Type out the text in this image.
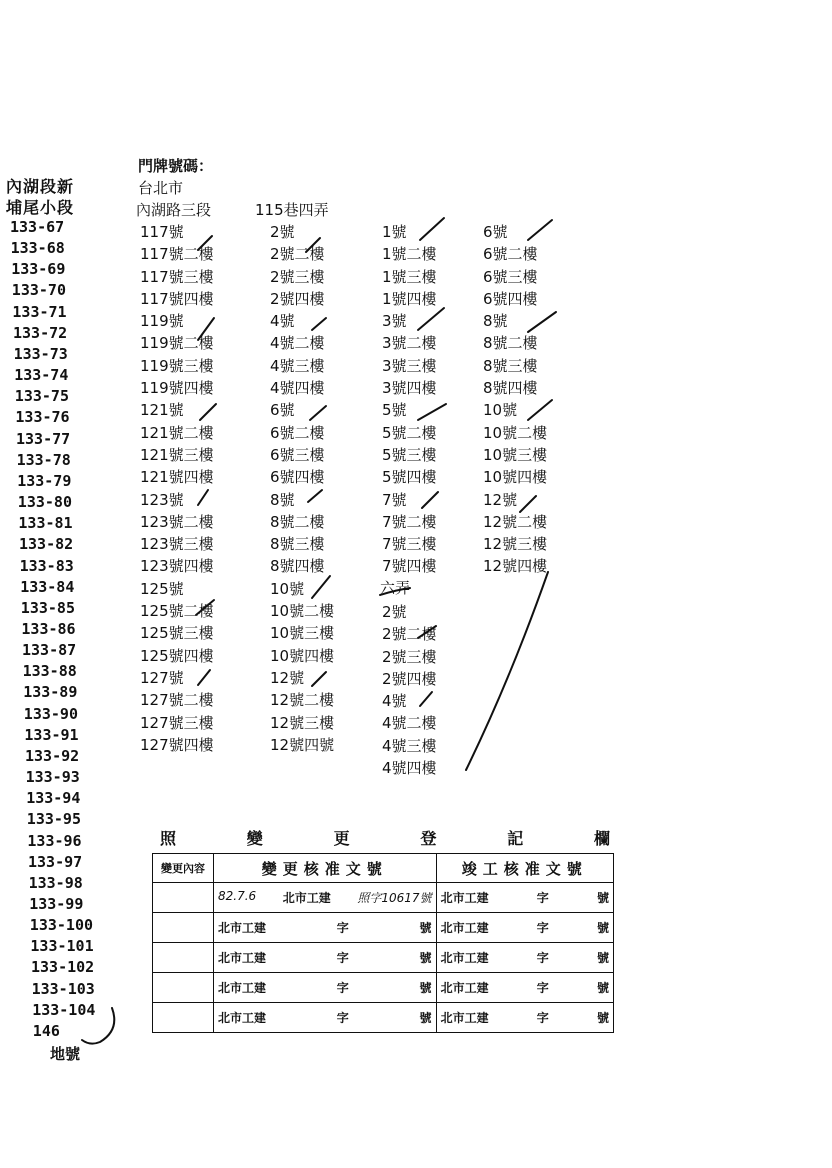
內湖段新
埔尾小段
133-67
133-68
133-69
133-70
133-71
133-72
133-73
133-74
133-75
133-76
133-77
133-78
133-79
133-80
133-81
133-82
133-83
133-84
133-85
133-86
133-87
133-88
133-89
133-90
133-91
133-92
133-93
133-94
133-95
133-96
133-97
133-98
133-99
133-100
133-101
133-102
133-103
133-104
146
地號
門牌號碼：
台北市
內湖路三段	115巷四弄
117號
117號二樓
117號三樓
117號四樓
119號
119號二樓
119號三樓
119號四樓
121號
121號二樓
121號三樓
121號四樓
123號
123號二樓
123號三樓
123號四樓
125號
125號二樓
125號三樓
125號四樓
127號
127號二樓
127號三樓
127號四樓
2號
2號二樓
2號三樓
2號四樓
4號
4號二樓
4號三樓
4號四樓
6號
6號二樓
6號三樓
6號四樓
8號
8號二樓
8號三樓
8號四樓
10號
10號二樓
10號三樓
10號四樓
12號
12號二樓
12號三樓
12號四號
1號
1號二樓
1號三樓
1號四樓
3號
3號二樓
3號三樓
3號四樓
5號
5號二樓
5號三樓
5號四樓
7號
7號二樓
7號三樓
7號四樓
六弄
2號
2號二樓
2號三樓
2號四樓
4號
4號二樓
4號三樓
4號四樓
6號
6號二樓
6號三樓
6號四樓
8號
8號二樓
8號三樓
8號四樓
10號
10號二樓
10號三樓
10號四樓
12號
12號二樓
12號三樓
12號四樓
照	變	更	登	記	欄
變更內容	變更核准文號	竣工核准文號

	82.7.6 北市工建 照字10617號	北市工建 字 號

	北市工建 字 號	北市工建 字 號

	北市工建 字 號	北市工建 字 號

	北市工建 字 號	北市工建 字 號

	北市工建 字 號	北市工建 字 號
